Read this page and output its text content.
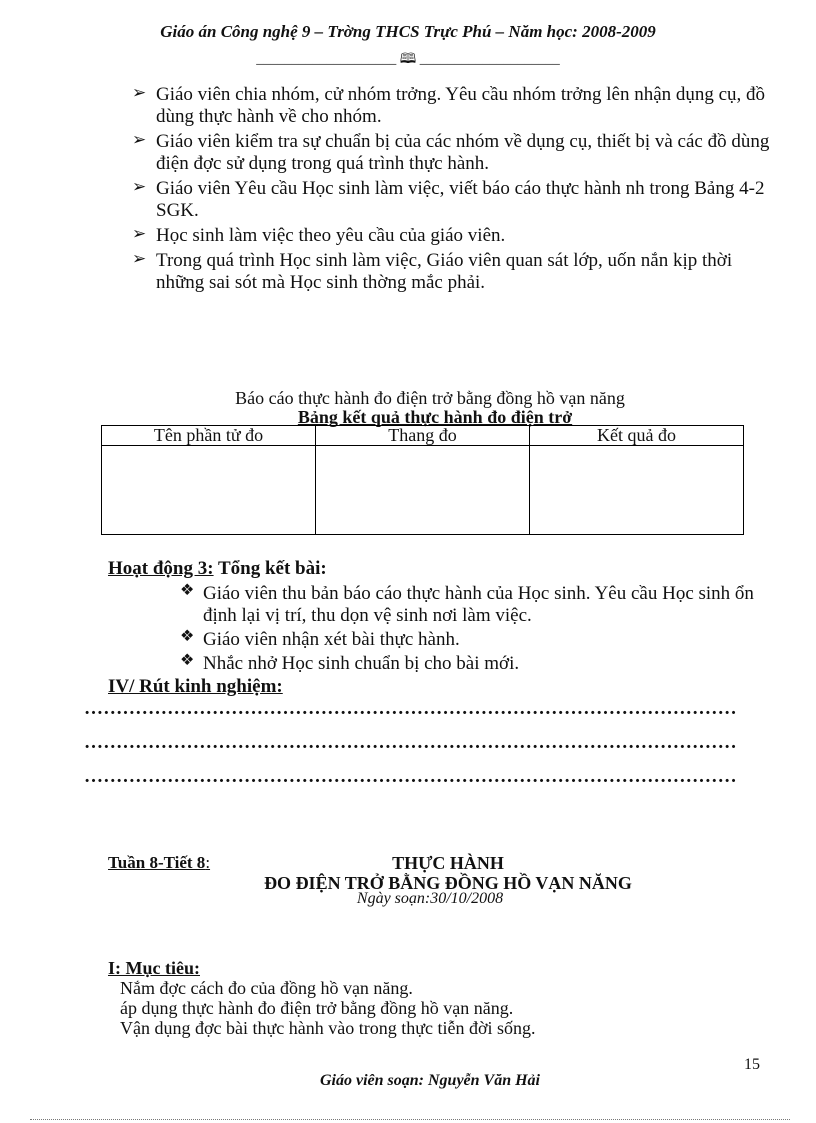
Giáo án Công nghệ 9 – Trờng THCS Trực Phú – Năm học: 2008-2009
____________________ 🕮 ____________________
➢ Giáo viên chia nhóm, cử nhóm trởng. Yêu cầu nhóm trởng lên nhận dụng cụ, đồ dùng thực hành về cho nhóm.
➢ Giáo viên kiểm tra sự chuẩn bị của các nhóm về dụng cụ, thiết bị và các đồ dùng điện đợc sử dụng trong quá trình thực hành.
➢ Giáo viên Yêu cầu Học sinh làm việc, viết báo cáo thực hành nh trong Bảng 4-2 SGK.
➢ Học sinh làm việc theo yêu cầu của giáo viên.
➢ Trong quá trình Học sinh làm việc, Giáo viên quan sát lớp, uốn nắn kịp thời những sai sót mà Học sinh thờng mắc phải.
Báo cáo thực hành đo điện trở bằng đồng hồ vạn năng
Bảng kết quả thực hành đo điện trở
Tên phần tử đo	Thang đo	Kết quả đo

Hoạt động 3: Tổng kết bài:
❖ Giáo viên thu bản báo cáo thực hành của Học sinh. Yêu cầu Học sinh ổn định lại vị trí, thu dọn vệ sinh nơi làm việc.
❖ Giáo viên nhận xét bài thực hành.
❖ Nhắc nhở Học sinh chuẩn bị cho bài mới.
IV/ Rút kinh nghiệm:
…………………………………………………………………………………………
…………………………………………………………………………………………
…………………………………………………………………………………………
Tuần 8-Tiết 8:	THỰC HÀNH
ĐO ĐIỆN TRỞ BẰNG ĐỒNG HỒ VẠN NĂNG
Ngày soạn:30/10/2008
I: Mục tiêu:
Nắm đợc cách đo của đồng hồ vạn năng.
áp dụng thực hành đo điện trở bằng đồng hồ vạn năng.
Vận dụng đợc bài thực hành vào trong thực tiễn đời sống.
15
Giáo viên soạn: Nguyễn Văn Hải
